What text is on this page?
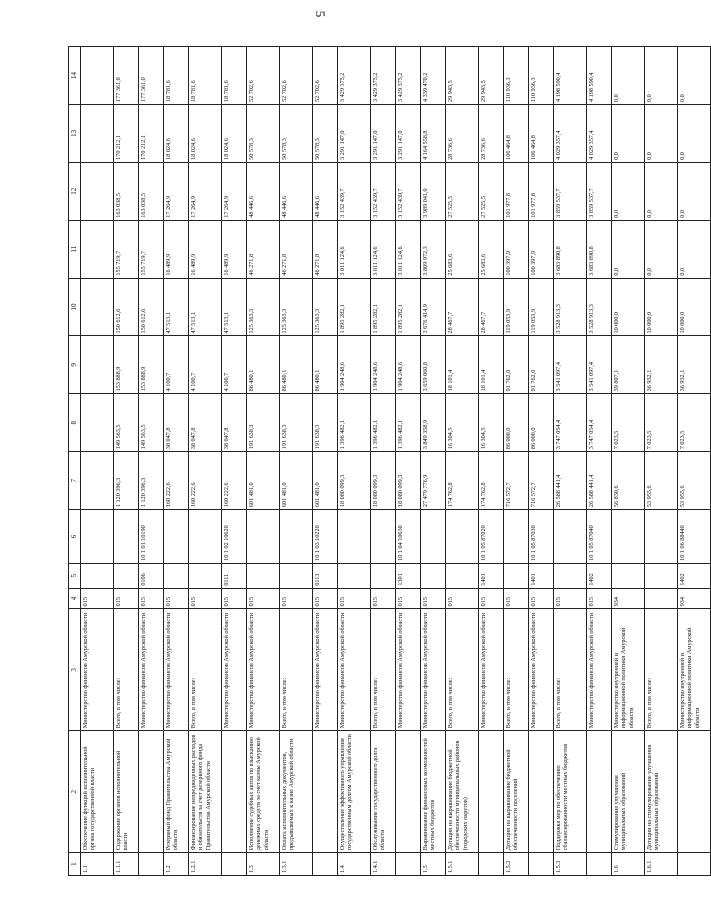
5
1	2	3	4	5	6	7	8	9	10	11	12	13	14
1.1	Обеспечение функций исполнительной органа государственной власти	Министерство финансов Амурской области	015										
1.1.1	Содержание органов исполнительной власти	Всего, в том числе:	015			1 120 396,3	149 563,5	153 888,9	150 612,6	155 719,7	163 038,5	170 212,1	177 361,0
		Министерство финансов Амурской области	015	0106	10 1 01 10190	1 120 396,3	149 563,5	153 888,9	150 612,6	155 719,7	163 038,5	170 212,1	177 361,0
1.2	Резервный фонд Правительства Амурской области	Министерство финансов Амурской области	015			160 222,6	38 047,8	4 100,7	47 513,1	16 489,9	17 264,9	18 024,6	18 781,6
1.2.1	Финансирование непредвиденных расходов и обязательств за счет резервного фонда Правительства Амурской области	Всего, в том числе:	015			160 222,6	38 047,8	4 100,7	47 513,1	16 489,9	17 264,9	18 024,6	18 781,6
		Министерство финансов Амурской области	015	0111	10 1 02 10620	160 222,6	38 047,8	4 100,7	47 513,1	16 489,9	17 264,9	18 024,6	18 781,6
1.3	Исполнение судебных актов по взысканию денежных средств за счет казны Амурской области	Министерство финансов Амурской области	015			601 481,0	191 638,3	86 480,1	125 363,3	46 271,8	48 446,6	50 578,3	52 702,6
1.3.1	Оплата исполнительных документов, предъявляемых к казне Амурской области	Всего, в том числе:	015			601 481,0	191 638,3	86 480,1	125 363,3	46 271,8	48 446,6	50 578,3	52 702,6
		Министерство финансов Амурской области	015	0113	10 1 03 10220	601 481,0	191 638,3	86 480,1	125 363,3	46 271,8	48 446,6	50 578,3	52 702,6
1.4	Осуществление эффективного управления государственным долгом Амурской области	Министерство финансов Амурской области	015			18 080 099,3	1 396 482,1	1 904 248,6	1 895 282,1	3 011 124,6	3 152 439,7	3 291 147,0	3 429 375,2
1.4.1	Обслуживание государственного долга области	Всего, в том числе:	015			18 080 099,3	1 396 482,1	1 904 248,6	1 895 282,1	3 011 124,6	3 152 439,7	3 291 147,0	3 429 375,2
		Министерство финансов Амурской области	015	1301	10 1 04 10630	18 080 099,3	1 396 482,1	1 904 248,6	1 895 282,1	3 011 124,6	3 152 439,7	3 291 147,0	3 429 375,2
1.5	Выравнивание финансовых возможностей местных бюджетов	Министерство финансов Амурской области	015			27 479 776,9	3 849 358,9	3 659 060,8	3 676 414,9	3 809 972,3	3 989 041,0	4 164 558,8	4 339 470,2
1.5.1	Дотации на выравнивание бюджетной обеспеченности муниципальных районов (городских округов)	Всего, в том числе:	015			174 762,8	16 304,5	18 101,4	28 467,7	25 683,6	27 525,5	28 736,6	29 943,5
		Министерство финансов Амурской области	015	1401	10 1 05 87020	174 762,8	16 304,5	18 101,4	28 467,7	25 683,6	27 525,5	28 736,6	29 943,5
1.5.2	Дотации на выравнивание бюджетной обеспеченности поселений	Всего, в том числе:	015			716 572,7	86 000,0	91 762,0	119 053,9	100 397,9	101 977,8	106 464,8	110 936,3
		Министерство финансов Амурской области	015	1401	10 1 05 87030	716 572,7	86 000,0	91 762,0	119 053,9	100 397,9	101 977,8	106 464,8	110 936,3
1.5.3	Поддержка мер по обеспечению сбалансированности местных бюджетов	Всего, в том числе:	015			26 588 441,4	3 747 054,4	3 541 097,4	3 528 913,3	3 683 890,8	3 859 537,7	4 029 357,4	4 198 590,4
		Министерство финансов Амурской области	015	1402	10 1 05 87040	26 588 441,4	3 747 054,4	3 541 097,4	3 528 913,3	3 683 890,8	3 859 537,7	4 029 357,4	4 198 590,4
1.6	Стимулирование улучшения муниципальных образований	Министерство внутренней и информационной политики Амурской области	934			56 830,6	7 023,5	39 807,1	10 000,0	0,0	0,0	0,0	0,0
1.6.1	Дотации на стимулирование улучшения муниципальных образований	Всего, в том числе:				53 955,6	7 023,5	36 932,1	10 000,0	0,0	0,0	0,0	0,0
		Министерство внутренней и информационной политики Амурской области	934	1402	10 1 06 88440	53 955,6	7 023,5	36 932,1	10 000,0	0,0	0,0	0,0	0,0
